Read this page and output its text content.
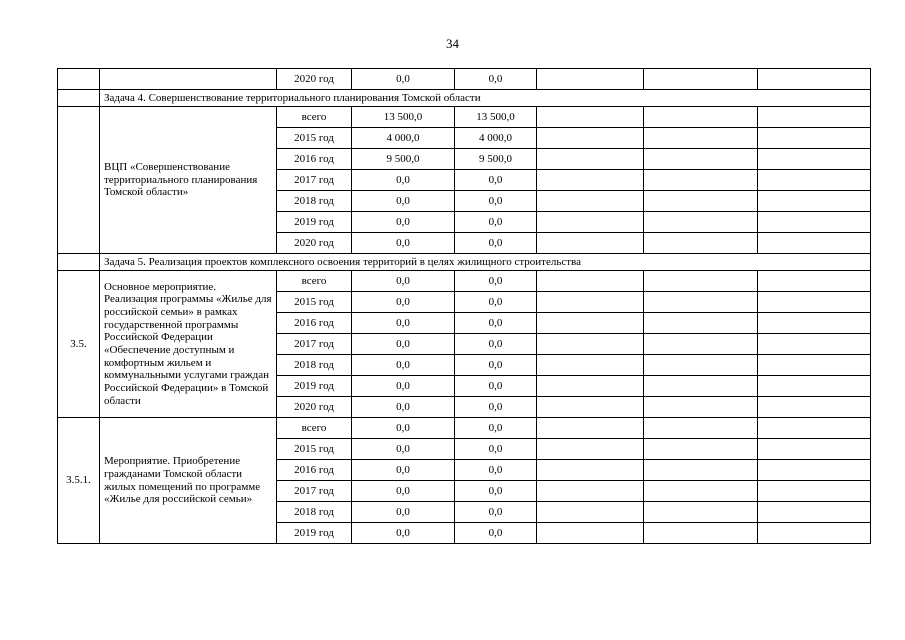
34
		2020 год	0,0	0,0			
	Задача 4. Совершенствование территориального планирования Томской области						
	ВЦП «Совершенствование территориального планирования Томской области»	всего	13 500,0	13 500,0			
		2015 год	4 000,0	4 000,0			
		2016 год	9 500,0	9 500,0			
		2017 год	0,0	0,0			
		2018 год	0,0	0,0			
		2019 год	0,0	0,0			
		2020 год	0,0	0,0			
	Задача 5. Реализация проектов комплексного освоения территорий в целях жилищного строительства						
3.5.	Основное мероприятие. Реализация программы «Жилье для российской семьи» в рамках государственной программы Российской Федерации «Обеспечение доступным и комфортным жильем и коммунальными услугами граждан Российской Федерации» в Томской области	всего	0,0	0,0			
		2015 год	0,0	0,0			
		2016 год	0,0	0,0			
		2017 год	0,0	0,0			
		2018 год	0,0	0,0			
		2019 год	0,0	0,0			
		2020 год	0,0	0,0			
3.5.1.	Мероприятие. Приобретение гражданами Томской области жилых помещений по программе «Жилье для российской семьи»	всего	0,0	0,0			
		2015 год	0,0	0,0			
		2016 год	0,0	0,0			
		2017 год	0,0	0,0			
		2018 год	0,0	0,0			
		2019 год	0,0	0,0			
